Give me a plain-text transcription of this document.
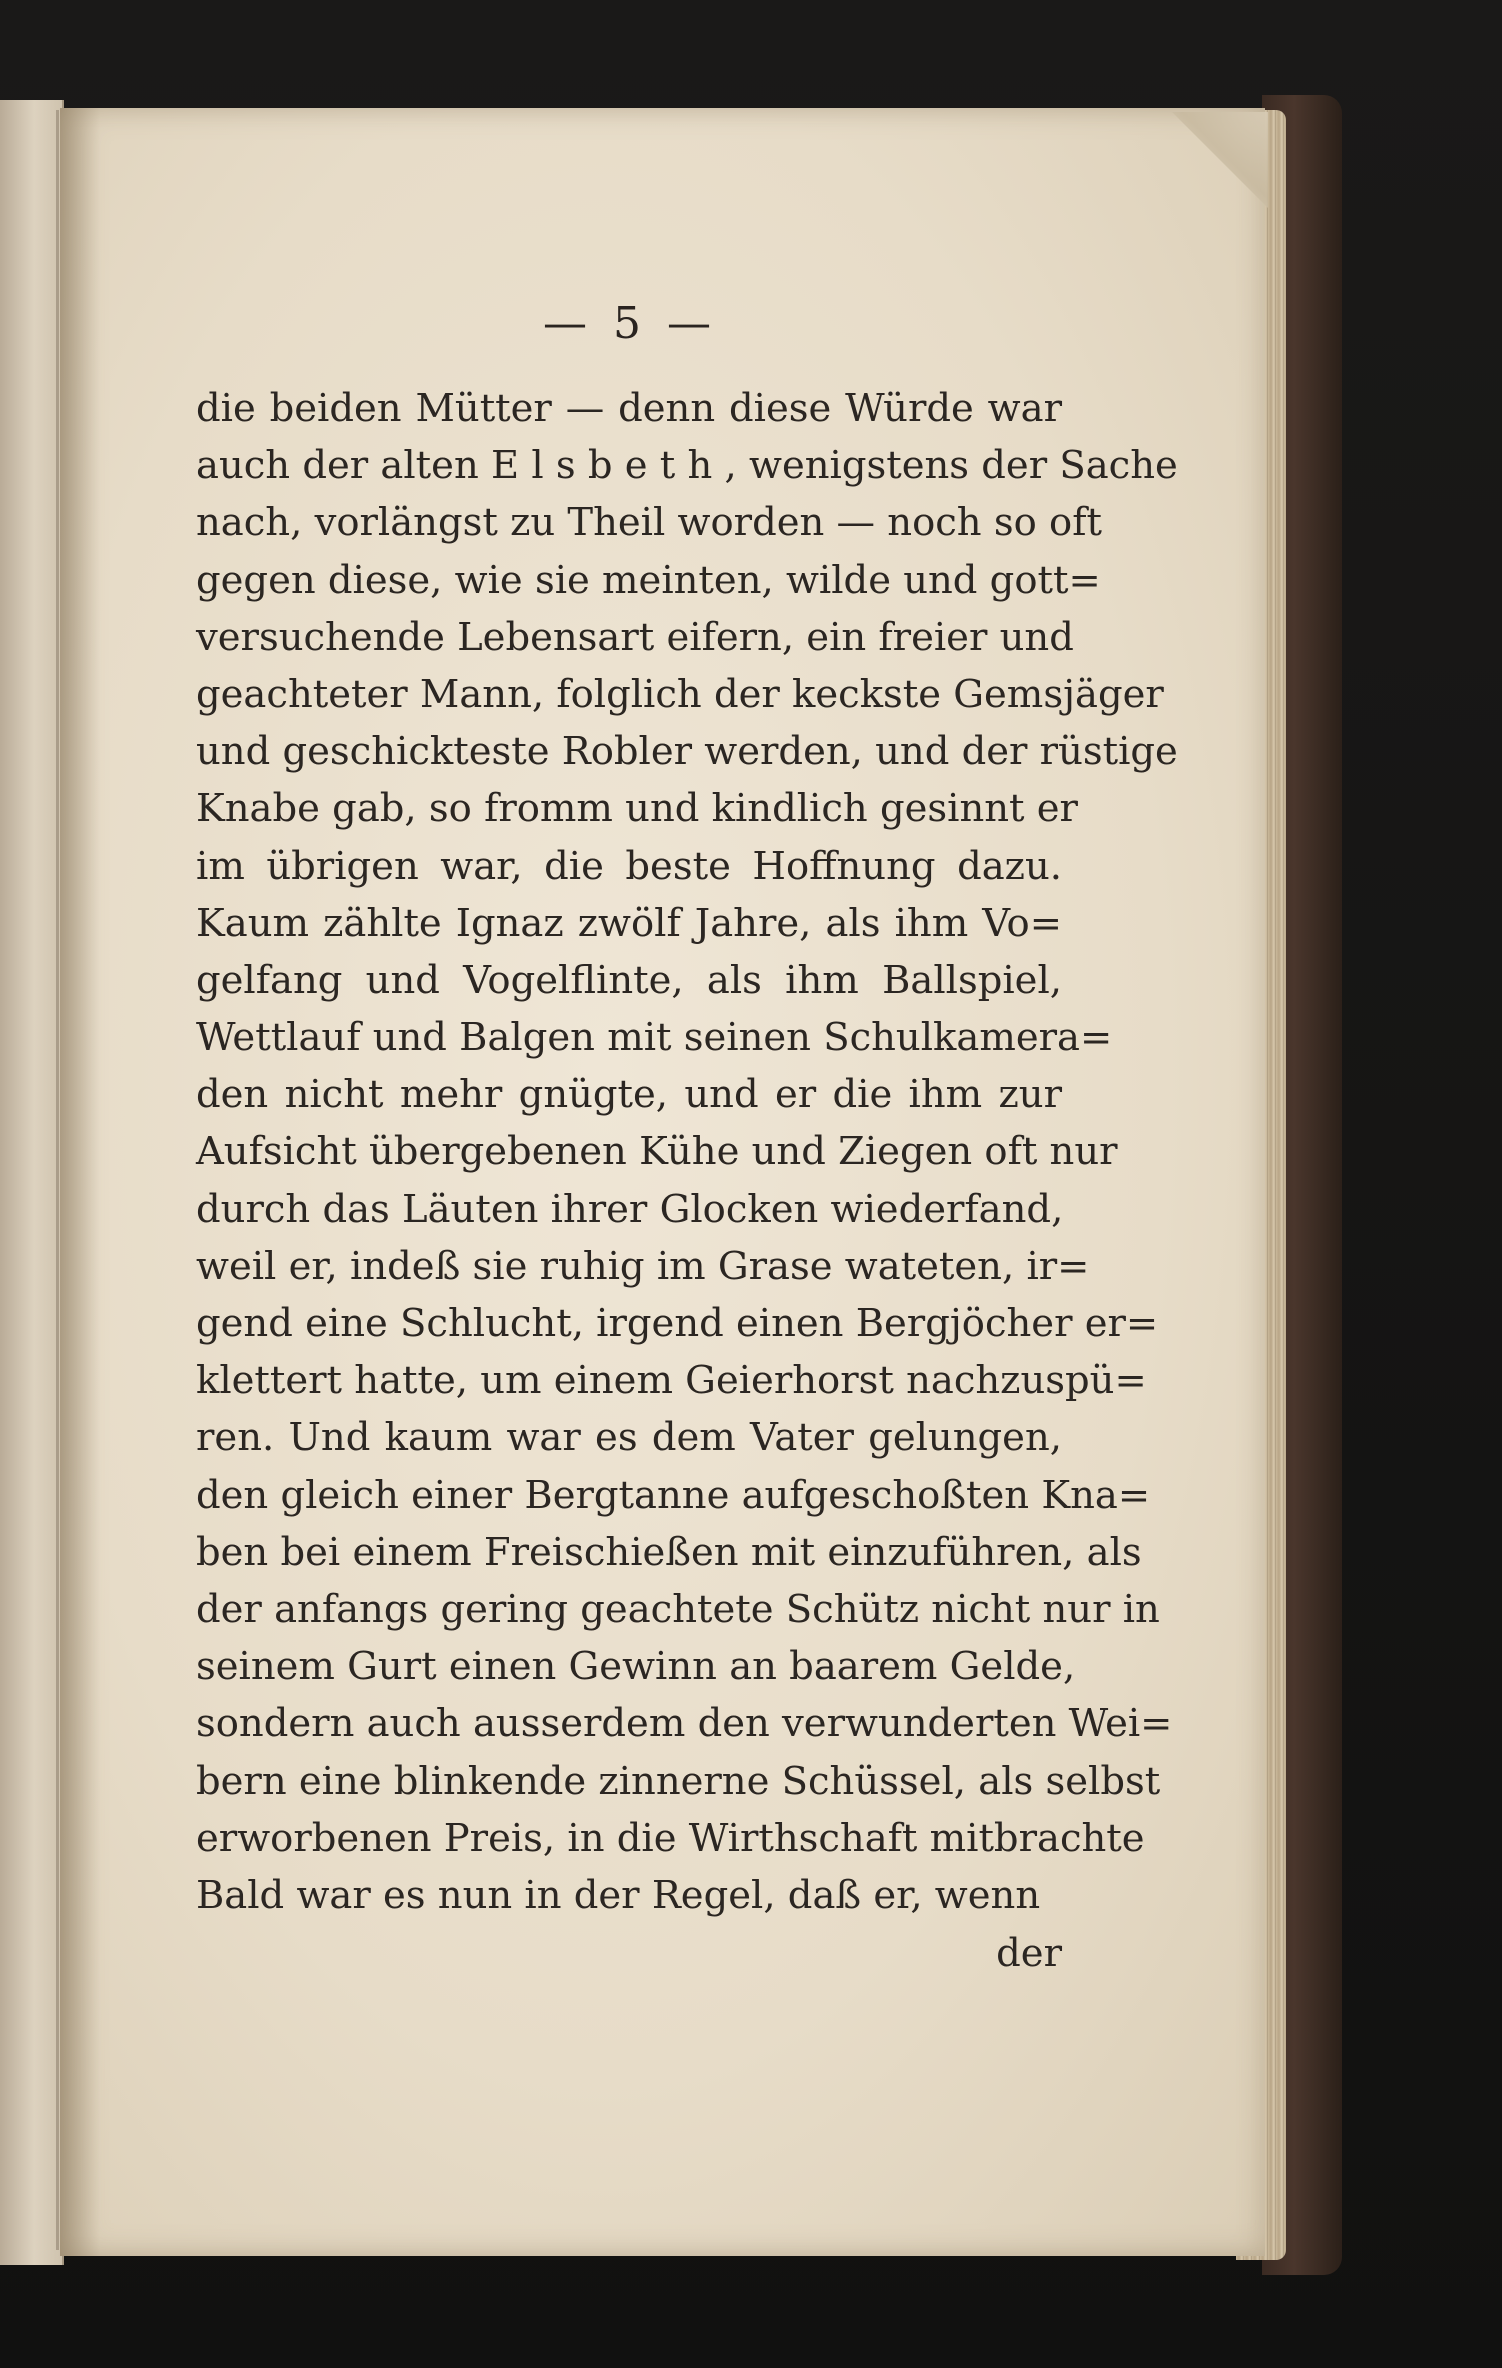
— 5 —
die beiden Mütter — denn diese Würde war
auch der alten E l s b e t h , wenigstens der Sache
nach, vorlängst zu Theil worden — noch so oft
gegen diese, wie sie meinten, wilde und gott=
versuchende Lebensart eifern, ein freier und
geachteter Mann, folglich der keckste Gemsjäger
und geschickteste Robler werden, und der rüstige
Knabe gab, so fromm und kindlich gesinnt er
im übrigen war, die beste Hoffnung dazu.
Kaum zählte Ignaz zwölf Jahre, als ihm Vo=
gelfang und Vogelflinte, als ihm Ballspiel,
Wettlauf und Balgen mit seinen Schulkamera=
den nicht mehr gnügte, und er die ihm zur
Aufsicht übergebenen Kühe und Ziegen oft nur
durch das Läuten ihrer Glocken wiederfand,
weil er, indeß sie ruhig im Grase wateten, ir=
gend eine Schlucht, irgend einen Bergjöcher er=
klettert hatte, um einem Geierhorst nachzuspü=
ren. Und kaum war es dem Vater gelungen,
den gleich einer Bergtanne aufgeschoßten Kna=
ben bei einem Freischießen mit einzuführen, als
der anfangs gering geachtete Schütz nicht nur in
seinem Gurt einen Gewinn an baarem Gelde,
sondern auch ausserdem den verwunderten Wei=
bern eine blinkende zinnerne Schüssel, als selbst
erworbenen Preis, in die Wirthschaft mitbrachte
Bald war es nun in der Regel, daß er, wenn
der
